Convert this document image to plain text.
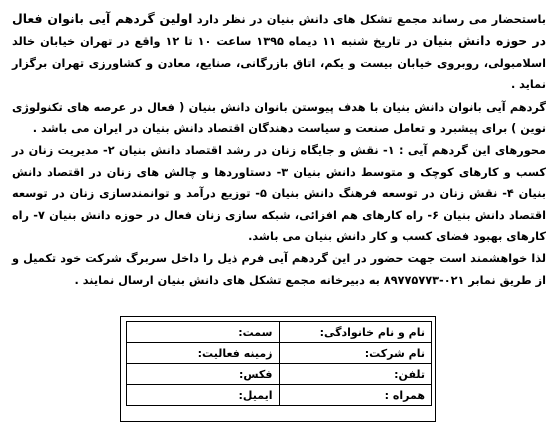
باستحضار می رساند مجمع تشکل های دانش بنیان در نظر دارد اولین گردهم آیی بانوان فعال در حوزه دانش بنیان در تاریخ شنبه ۱۱ دیماه ۱۳۹۵ ساعت ۱۰ تا ۱۲ واقع در تهران خیابان خالد اسلامبولی، روبروی خیابان بیست و یکم، اتاق بازرگانی، صنایع، معادن و کشاورزی تهران برگزار نماید .

گردهم آیی بانوان دانش بنیان با هدف پیوستن بانوان دانش بنیان ( فعال در عرصه های تکنولوژی نوین ) برای پیشبرد و تعامل صنعت و سیاست دهندگان اقتصاد دانش بنیان در ایران می باشد .

محورهای این گردهم آیی : ۱- نقش و جایگاه زنان در رشد اقتصاد دانش بنیان ۲- مدیریت زنان در کسب و کارهای کوچک و متوسط دانش بنیان ۳- دستاوردها و چالش های زنان در اقتصاد دانش بنیان ۴- نقش زنان در توسعه فرهنگ دانش بنیان ۵- توزیع درآمد و توانمندسازی زنان در توسعه اقتصاد دانش بنیان ۶- راه کارهای هم افزائی، شبکه سازی زنان فعال در حوزه دانش بنیان ۷- راه کارهای بهبود فضای کسب و کار دانش بنیان می باشد.

لذا خواهشمند است جهت حضور در این گردهم آیی فرم ذیل را داخل سربرگ شرکت خود تکمیل و از طریق نمابر ۰۲۱-۸۹۷۷۵۷۷۳ به دبیرخانه مجمع تشکل های دانش بنیان ارسال نمایند .

نام و نام خانوادگی:	سمت:
نام شرکت:	زمینه فعالیت:
تلفن:	فکس:
همراه :	ایمیل:
